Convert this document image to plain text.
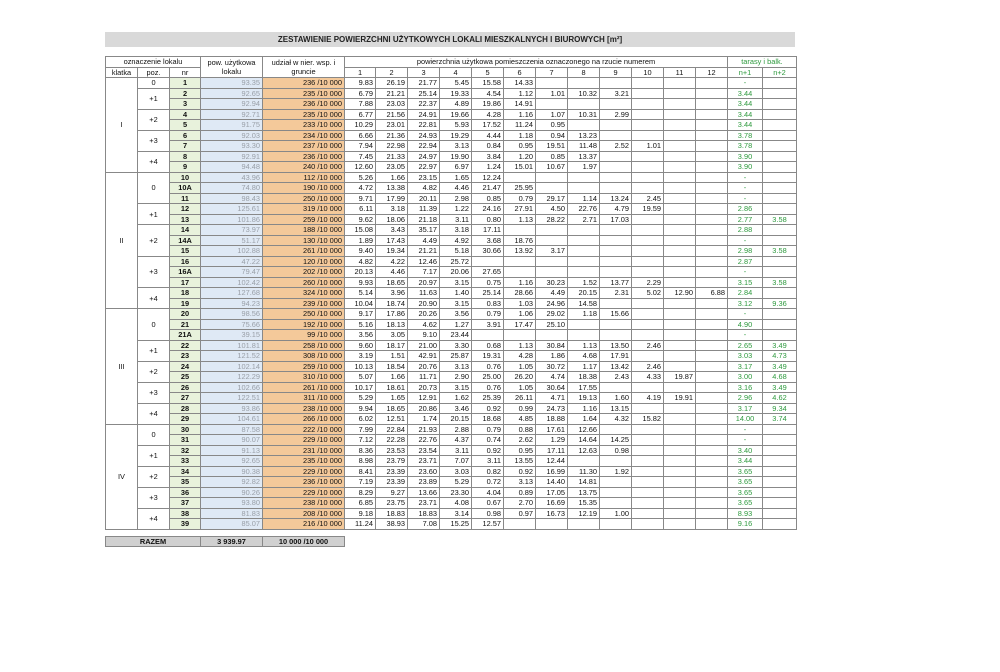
ZESTAWIENIE POWIERZCHNI UŻYTKOWYCH LOKALI MIESZKALNYCH I BIUROWYCH [m²]
oznaczenie lokalu			pow. użytkowa lokalu	udział w nier. wsp. i gruncie	powierzchnia użytkowa pomieszczenia oznaczonego na rzucie numerem												tarasy i balk.	
klatka	poz.	nr			1	2	3	4	5	6	7	8	9	10	11	12	n+1	n+2
I	0	1	93.35	236 /10 000	9.83	26.19	21.77	5.45	15.58	14.33							-	
	+1	2	92.65	235 /10 000	6.79	21.21	25.14	19.33	4.54	1.12	1.01	10.32	3.21				3.44	
		3	92.94	236 /10 000	7.88	23.03	22.37	4.89	19.86	14.91							3.44	
	+2	4	92.71	235 /10 000	6.77	21.56	24.91	19.66	4.28	1.16	1.07	10.31	2.99				3.44	
		5	91.75	233 /10 000	10.29	23.01	22.81	5.93	17.52	11.24	0.95						3.44	
	+3	6	92.03	234 /10 000	6.66	21.36	24.93	19.29	4.44	1.18	0.94	13.23					3.78	
		7	93.30	237 /10 000	7.94	22.98	22.94	3.13	0.84	0.95	19.51	11.48	2.52	1.01			3.78	
	+4	8	92.91	236 /10 000	7.45	21.33	24.97	19.90	3.84	1.20	0.85	13.37					3.90	
		9	94.48	240 /10 000	12.60	23.05	22.97	6.97	1.24	15.01	10.67	1.97					3.90	
II	0	10	43.96	112 /10 000	5.26	1.66	23.15	1.65	12.24								-	
		10A	74.80	190 /10 000	4.72	13.38	4.82	4.46	21.47	25.95							-	
		11	98.43	250 /10 000	9.71	17.99	20.11	2.98	0.85	0.79	29.17	1.14	13.24	2.45			-	
	+1	12	125.61	319 /10 000	6.11	3.18	11.39	1.22	24.16	27.91	4.50	22.76	4.79	19.59			2.86	
		13	101.86	259 /10 000	9.62	18.06	21.18	3.11	0.80	1.13	28.22	2.71	17.03				2.77	3.58
	+2	14	73.97	188 /10 000	15.08	3.43	35.17	3.18	17.11								2.88	
		14A	51.17	130 /10 000	1.89	17.43	4.49	4.92	3.68	18.76							-	
		15	102.88	261 /10 000	9.40	19.34	21.21	5.18	30.66	13.92	3.17						2.98	3.58
	+3	16	47.22	120 /10 000	4.82	4.22	12.46	25.72									2.87	
		16A	79.47	202 /10 000	20.13	4.46	7.17	20.06	27.65								-	
		17	102.42	260 /10 000	9.93	18.65	20.97	3.15	0.75	1.16	30.23	1.52	13.77	2.29			3.15	3.58
	+4	18	127.68	324 /10 000	5.14	3.96	11.63	1.40	25.14	28.66	4.49	20.15	2.31	5.02	12.90	6.88	2.84	
		19	94.23	239 /10 000	10.04	18.74	20.90	3.15	0.83	1.03	24.96	14.58					3.12	9.36
III	0	20	98.56	250 /10 000	9.17	17.86	20.26	3.56	0.79	1.06	29.02	1.18	15.66				-	
		21	75.66	192 /10 000	5.16	18.13	4.62	1.27	3.91	17.47	25.10						4.90	
		21A	39.15	99 /10 000	3.56	3.05	9.10	23.44									-	
	+1	22	101.81	258 /10 000	9.60	18.17	21.00	3.30	0.68	1.13	30.84	1.13	13.50	2.46			2.65	3.49
		23	121.52	308 /10 000	3.19	1.51	42.91	25.87	19.31	4.28	1.86	4.68	17.91				3.03	4.73
	+2	24	102.14	259 /10 000	10.13	18.54	20.76	3.13	0.76	1.05	30.72	1.17	13.42	2.46			3.17	3.49
		25	122.29	310 /10 000	5.07	1.66	11.71	2.90	25.00	26.20	4.74	18.38	2.43	4.33	19.87		3.00	4.68
	+3	26	102.66	261 /10 000	10.17	18.61	20.73	3.15	0.76	1.05	30.64	17.55					3.16	3.49
		27	122.51	311 /10 000	5.29	1.65	12.91	1.62	25.39	26.11	4.71	19.13	1.60	4.19	19.91		2.96	4.62
	+4	28	93.86	238 /10 000	9.94	18.65	20.86	3.46	0.92	0.99	24.73	1.16	13.15				3.17	9.34
		29	104.61	266 /10 000	6.02	12.51	1.74	20.15	18.68	4.85	18.88	1.64	4.32	15.82			14.00	3.74
IV	0	30	87.58	222 /10 000	7.99	22.84	21.93	2.88	0.79	0.88	17.61	12.66					-	
		31	90.07	229 /10 000	7.12	22.28	22.76	4.37	0.74	2.62	1.29	14.64	14.25				-	
	+1	32	91.13	231 /10 000	8.36	23.53	23.54	3.11	0.92	0.95	17.11	12.63	0.98				3.40	
		33	92.65	235 /10 000	8.98	23.79	23.71	7.07	3.11	13.55	12.44						3.44	
	+2	34	90.38	229 /10 000	8.41	23.39	23.60	3.03	0.82	0.92	16.99	11.30	1.92				3.65	
		35	92.82	236 /10 000	7.19	23.39	23.89	5.29	0.72	3.13	14.40	14.81					3.65	
	+3	36	90.26	229 /10 000	8.29	9.27	13.66	23.30	4.04	0.89	17.05	13.75					3.65	
		37	93.80	238 /10 000	6.85	23.75	23.71	4.08	0.67	2.70	16.69	15.35					3.65	
	+4	38	81.83	208 /10 000	9.18	18.83	18.83	3.14	0.98	0.97	16.73	12.19	1.00				8.93	
		39	85.07	216 /10 000	11.24	38.93	7.08	15.25	12.57								9.16	

RAZEM			3 939.97	10 000 /10 000														
